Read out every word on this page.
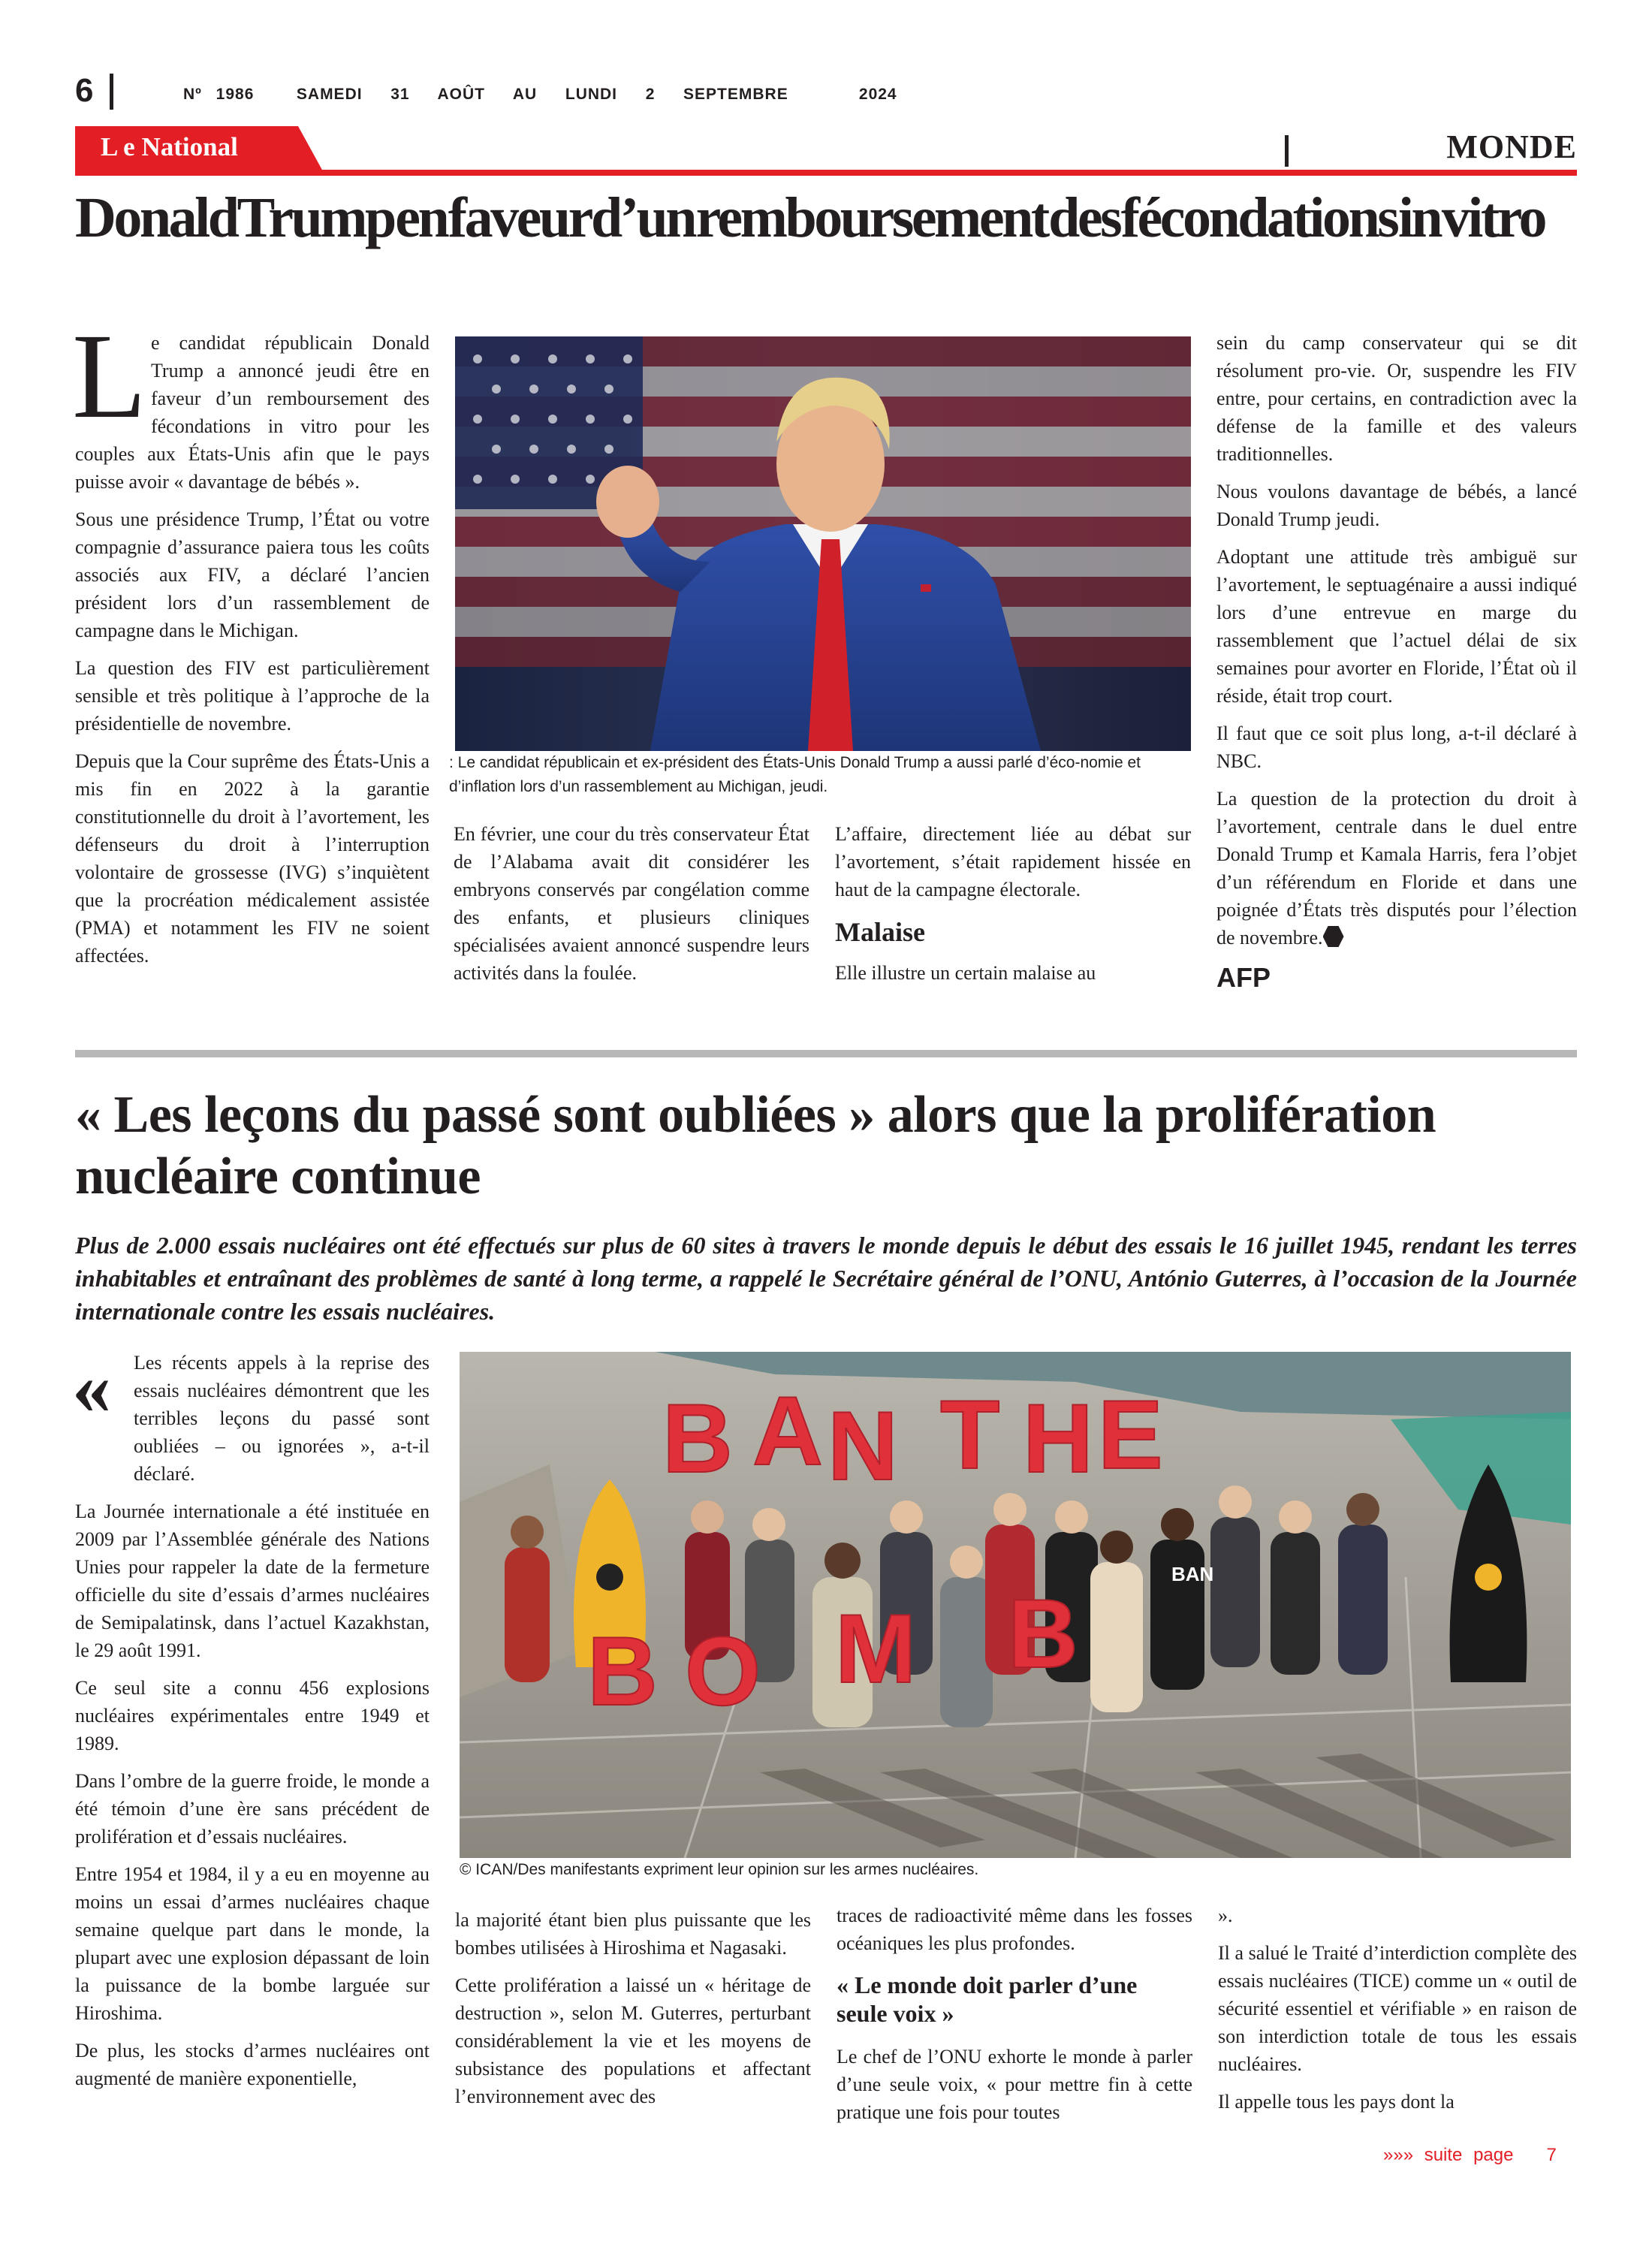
6	Nº 1986   SAMEDI  31  AOÛT  AU  LUNDI  2  SEPTEMBRE     2024
L e National	MONDE
Donald Trump en faveur d’un remboursement des fécondations in vitro

Le candidat républicain Donald Trump a annoncé jeudi être en faveur d’un remboursement des fécondations in vitro pour les couples aux États-Unis afin que le pays puisse avoir « davantage de bébés ».

Sous une présidence Trump, l’État ou votre compagnie d’assurance paiera tous les coûts associés aux FIV, a déclaré l’ancien président lors d’un rassemblement de campagne dans le Michigan.

La question des FIV est particulièrement sensible et très politique à l’approche de la présidentielle de novembre.

Depuis que la Cour suprême des États-Unis a mis fin en 2022 à la garantie constitutionnelle du droit à l’avortement, les défenseurs du droit à l’interruption volontaire de grossesse (IVG) s’inquiètent que la procréation médicalement assistée (PMA) et notamment les FIV ne soient affectées.

: Le candidat républicain et ex-président des États-Unis Donald Trump a aussi parlé d’éco-nomie et d’inflation lors d’un rassemblement au Michigan, jeudi.

En février, une cour du très conservateur État de l’Alabama avait dit considérer les embryons conservés par congélation comme des enfants, et plusieurs cliniques spécialisées avaient annoncé suspendre leurs activités dans la foulée.

L’affaire, directement liée au débat sur l’avortement, s’était rapidement hissée en haut de la campagne électorale.

Malaise

Elle illustre un certain malaise au

sein du camp conservateur qui se dit résolument pro-vie. Or, suspendre les FIV entre, pour certains, en contradiction avec la défense de la famille et des valeurs traditionnelles.

Nous voulons davantage de bébés, a lancé Donald Trump jeudi.

Adoptant une attitude très ambiguë sur l’avortement, le septuagénaire a aussi indiqué lors d’une entrevue en marge du rassemblement que l’actuel délai de six semaines pour avorter en Floride, l’État où il réside, était trop court.

Il faut que ce soit plus long, a-t-il déclaré à NBC.

La question de la protection du droit à l’avortement, centrale dans le duel entre Donald Trump et Kamala Harris, fera l’objet d’un référendum en Floride et dans une poignée d’États très disputés pour l’élection de novembre.

AFP
« Les leçons du passé sont oubliées » alors que la prolifération nucléaire continue
Plus de 2.000 essais nucléaires ont été effectués sur plus de 60 sites à travers le monde depuis le début des essais le 16 juillet 1945, rendant les terres inhabitables et entraînant des problèmes de santé à long terme, a rappelé le Secrétaire général de l’ONU, António Guterres, à l’occasion de la Journée internationale contre les essais nucléaires.

«	Les récents appels à la reprise des essais nucléaires démontrent que les terribles leçons du passé sont oubliées – ou ignorées », a-t-il déclaré.

La Journée internationale a été instituée en 2009 par l’Assemblée générale des Nations Unies pour rappeler la date de la fermeture officielle du site d’essais d’armes nucléaires de Semipalatinsk, dans l’actuel Kazakhstan, le 29 août 1991.

Ce seul site a connu 456 explosions nucléaires expérimentales entre 1949 et 1989.

Dans l’ombre de la guerre froide, le monde a été témoin d’une ère sans précédent de prolifération et d’essais nucléaires.

Entre 1954 et 1984, il y a eu en moyenne au moins un essai d’armes nucléaires chaque semaine quelque part dans le monde, la plupart avec une explosion dépassant de loin la puissance de la bombe larguée sur Hiroshima.

De plus, les stocks d’armes nucléaires ont augmenté de manière exponentielle,

BAN
B A N T H E
B O M B
© ICAN/Des manifestants expriment leur opinion sur les armes nucléaires.

la majorité étant bien plus puissante que les bombes utilisées à Hiroshima et Nagasaki.

Cette prolifération a laissé un « héritage de destruction », selon M. Guterres, perturbant considérablement la vie et les moyens de subsistance des populations et affectant l’environnement avec des

traces de radioactivité même dans les fosses océaniques les plus profondes.

« Le monde doit parler d’une seule voix »

Le chef de l’ONU exhorte le monde à parler d’une seule voix, « pour mettre fin à cette pratique une fois pour toutes

».

Il a salué le Traité d’interdiction complète des essais nucléaires (TICE) comme un « outil de sécurité essentiel et vérifiable » en raison de son interdiction totale de tous les essais nucléaires.

Il appelle tous les pays dont la

»»» suite page   7
